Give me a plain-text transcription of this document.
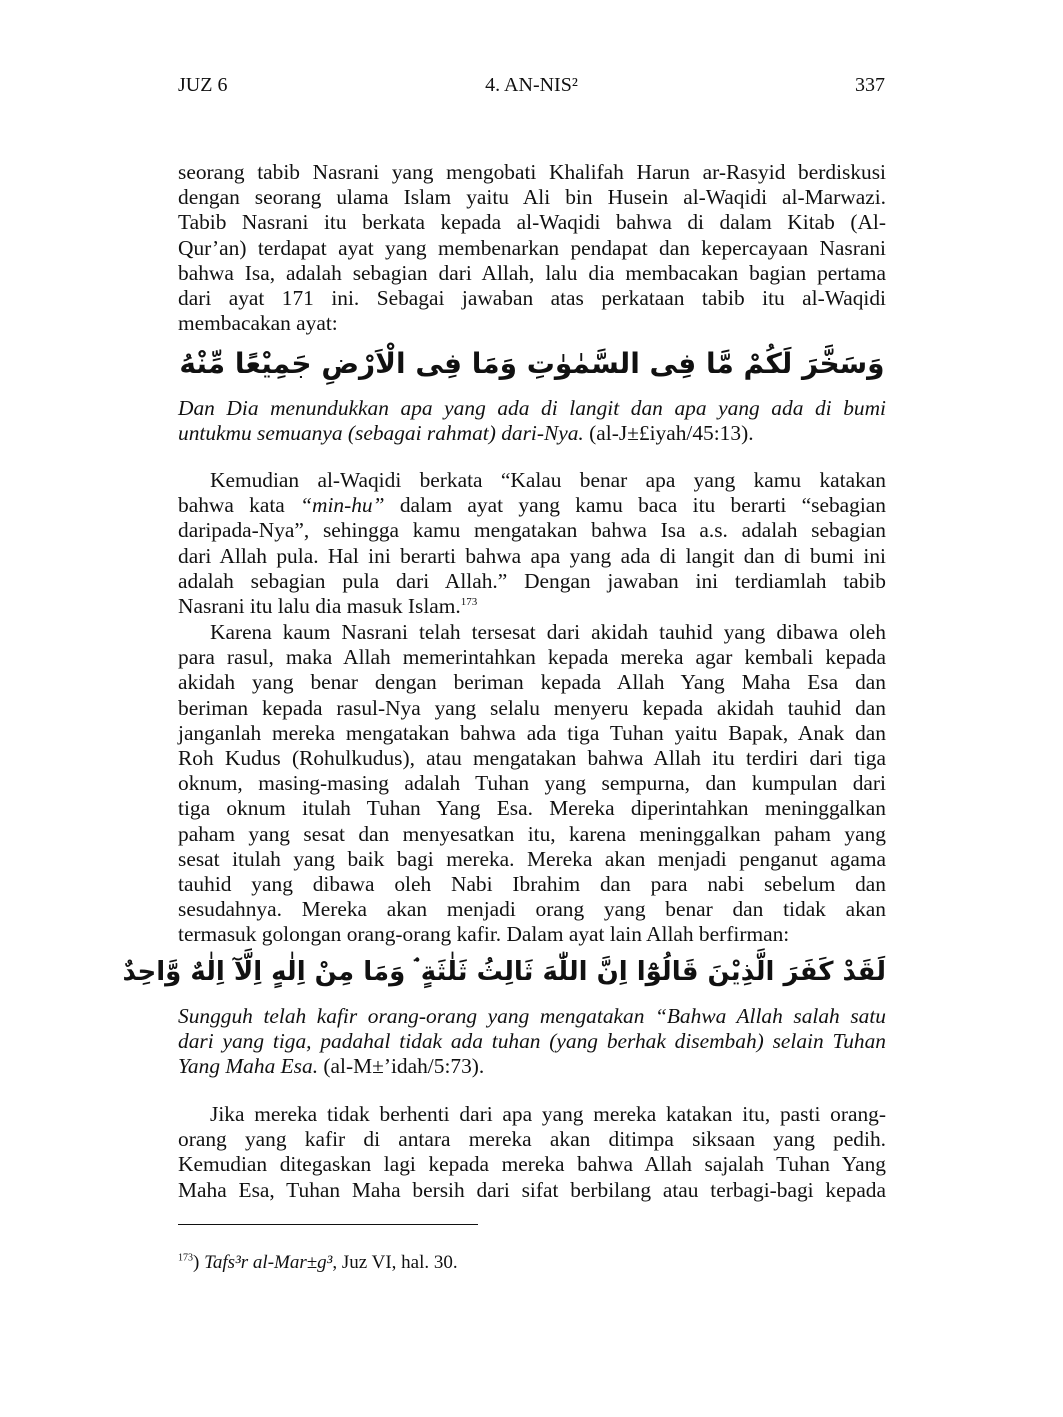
4. AN-NIS²
JUZ 6	337
seorang tabib Nasrani yang mengobati Khalifah Harun ar-Rasyid berdiskusi
dengan seorang ulama Islam yaitu Ali bin Husein al-Waqidi al-Marwazi.
Tabib Nasrani itu berkata kepada al-Waqidi bahwa di dalam Kitab (Al-
Qur’an) terdapat ayat yang membenarkan pendapat dan kepercayaan Nasrani
bahwa Isa, adalah sebagian dari Allah, lalu dia membacakan bagian pertama
dari ayat 171 ini. Sebagai jawaban atas perkataan tabib itu al-Waqidi
membacakan ayat:
وَسَخَّرَ لَكُمْ مَّا فِى السَّمٰوٰتِ وَمَا فِى الْاَرْضِ جَمِيْعًا مِّنْهُ
Dan Dia menundukkan apa yang ada di langit dan apa yang ada di bumi
untukmu semuanya (sebagai rahmat) dari-Nya. (al-J±£iyah/45:13).
Kemudian al-Waqidi berkata “Kalau benar apa yang kamu katakan
bahwa kata “min-hu” dalam ayat yang kamu baca itu berarti “sebagian
daripada-Nya”, sehingga kamu mengatakan bahwa Isa a.s. adalah sebagian
dari Allah pula. Hal ini berarti bahwa apa yang ada di langit dan di bumi ini
adalah sebagian pula dari Allah.” Dengan jawaban ini terdiamlah tabib
Nasrani itu lalu dia masuk Islam.$^{173}$
Karena kaum Nasrani telah tersesat dari akidah tauhid yang dibawa oleh
para rasul, maka Allah memerintahkan kepada mereka agar kembali kepada
akidah yang benar dengan beriman kepada Allah Yang Maha Esa dan
beriman kepada rasul-Nya yang selalu menyeru kepada akidah tauhid dan
janganlah mereka mengatakan bahwa ada tiga Tuhan yaitu Bapak, Anak dan
Roh Kudus (Rohulkudus), atau mengatakan bahwa Allah itu terdiri dari tiga
oknum, masing-masing adalah Tuhan yang sempurna, dan kumpulan dari
tiga oknum itulah Tuhan Yang Esa. Mereka diperintahkan meninggalkan
paham yang sesat dan menyesatkan itu, karena meninggalkan paham yang
sesat itulah yang baik bagi mereka. Mereka akan menjadi penganut agama
tauhid yang dibawa oleh Nabi Ibrahim dan para nabi sebelum dan
sesudahnya. Mereka akan menjadi orang yang benar dan tidak akan
termasuk golongan orang-orang kafir. Dalam ayat lain Allah berfirman:
لَقَدْ كَفَرَ الَّذِيْنَ قَالُوْٓا اِنَّ اللّٰهَ ثَالِثُ ثَلٰثَةٍ ۘ وَمَا مِنْ اِلٰهٍ اِلَّآ اِلٰهٌ وَّاحِدٌ
Sungguh telah kafir orang-orang yang mengatakan “Bahwa Allah salah satu
dari yang tiga, padahal tidak ada tuhan (yang berhak disembah) selain Tuhan
Yang Maha Esa. (al-M±’idah/5:73).
Jika mereka tidak berhenti dari apa yang mereka katakan itu, pasti orang-
orang yang kafir di antara mereka akan ditimpa siksaan yang pedih.
Kemudian ditegaskan lagi kepada mereka bahwa Allah sajalah Tuhan Yang
Maha Esa, Tuhan Maha bersih dari sifat berbilang atau terbagi-bagi kepada
$^{173}$) Tafs³r al-Mar±g³, Juz VI, hal. 30.
